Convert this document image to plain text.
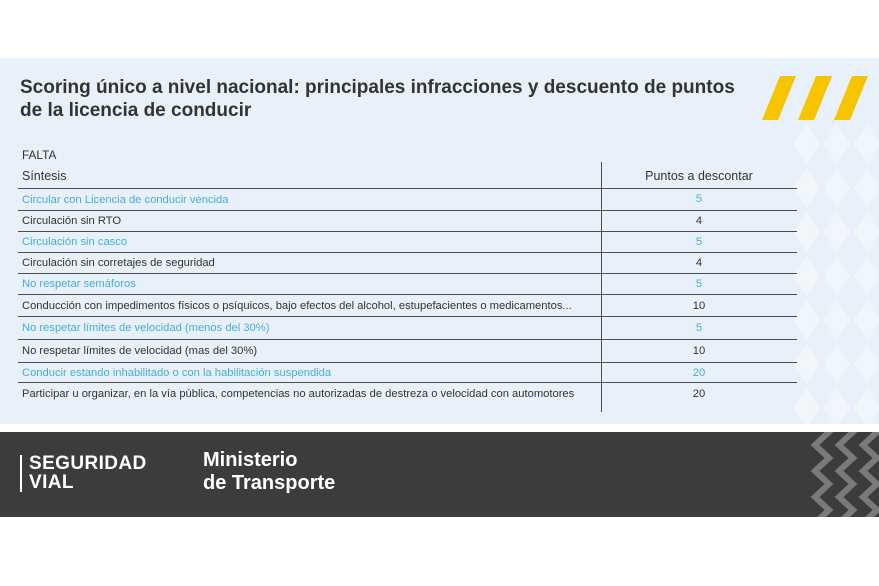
Scoring único a nivel nacional: principales infracciones y descuento de puntos
de la licencia de conducir
FALTA
Síntesis	Puntos a descontar
Circular con Licencia de conducir vencida	5
Circulación sin RTO	4
Circulación sin casco	5
Circulación sin corretajes de seguridad	4
No respetar semáforos	5
Conducción con impedimentos físicos o psíquicos, bajo efectos del alcohol, estupefacientes o medicamentos...	10
No respetar límites de velocidad (menos del 30%)	5
No respetar límites de velocidad (mas del 30%)	10
Conducir estando inhabilitado o con la habilitación suspendida	20
Participar u organizar, en la vía pública, competencias no autorizadas de destreza o velocidad con automotores	20
SEGURIDAD
VIAL
Ministerio
de Transporte
